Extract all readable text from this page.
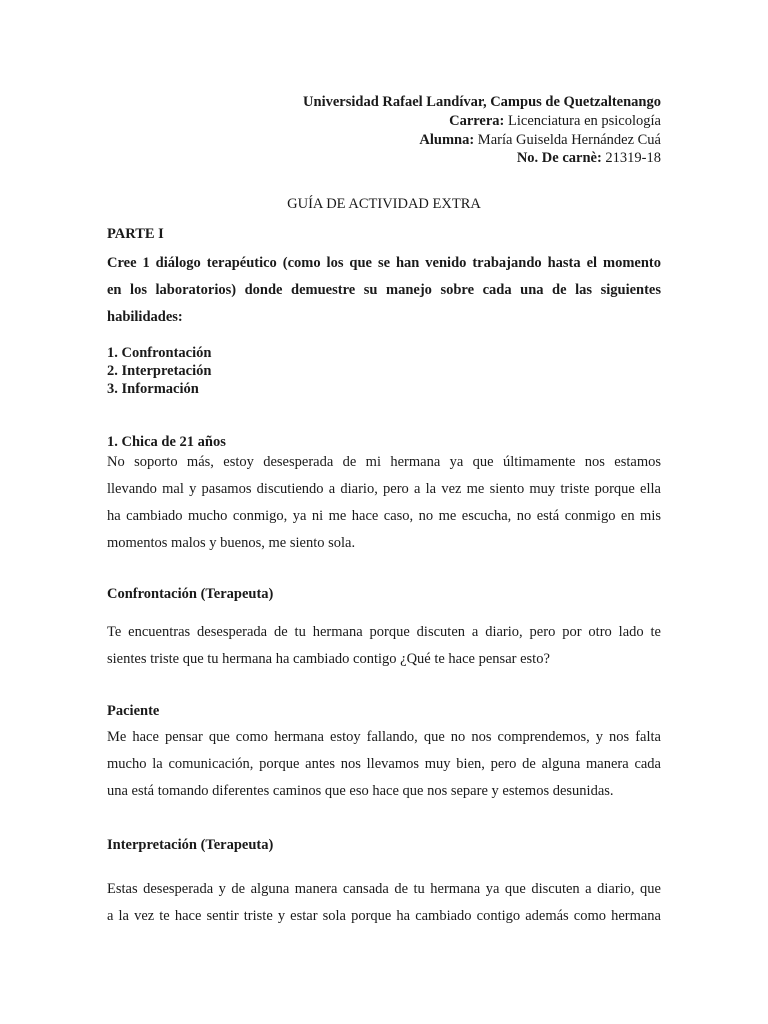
Universidad Rafael Landívar, Campus de Quetzaltenango
Carrera: Licenciatura en psicología
Alumna: María Guiselda Hernández Cuá
No. De carnè: 21319-18
GUÍA DE ACTIVIDAD EXTRA
PARTE I
Cree 1 diálogo terapéutico (como los que se han venido trabajando hasta el momento
en los laboratorios) donde demuestre su manejo sobre cada una de las siguientes
habilidades:
1. Confrontación
2. Interpretación
3. Información
1. Chica de 21 años
No soporto más, estoy desesperada de mi hermana ya que últimamente nos estamos
llevando mal y pasamos discutiendo a diario, pero a la vez me siento muy triste porque ella
ha cambiado mucho conmigo, ya ni me hace caso, no me escucha, no está conmigo en mis
momentos malos y buenos, me siento sola.
Confrontación (Terapeuta)
Te encuentras desesperada de tu hermana porque discuten a diario, pero por otro lado te
sientes triste que tu hermana ha cambiado contigo ¿Qué te hace pensar esto?
Paciente
Me hace pensar que como hermana estoy fallando, que no nos comprendemos, y nos falta
mucho la comunicación, porque antes nos llevamos muy bien, pero de alguna manera cada
una está tomando diferentes caminos que eso hace que nos separe y estemos desunidas.
Interpretación (Terapeuta)
Estas desesperada y de alguna manera cansada de tu hermana ya que discuten a diario, que
a la vez te hace sentir triste y estar sola porque ha cambiado contigo además como hermana
